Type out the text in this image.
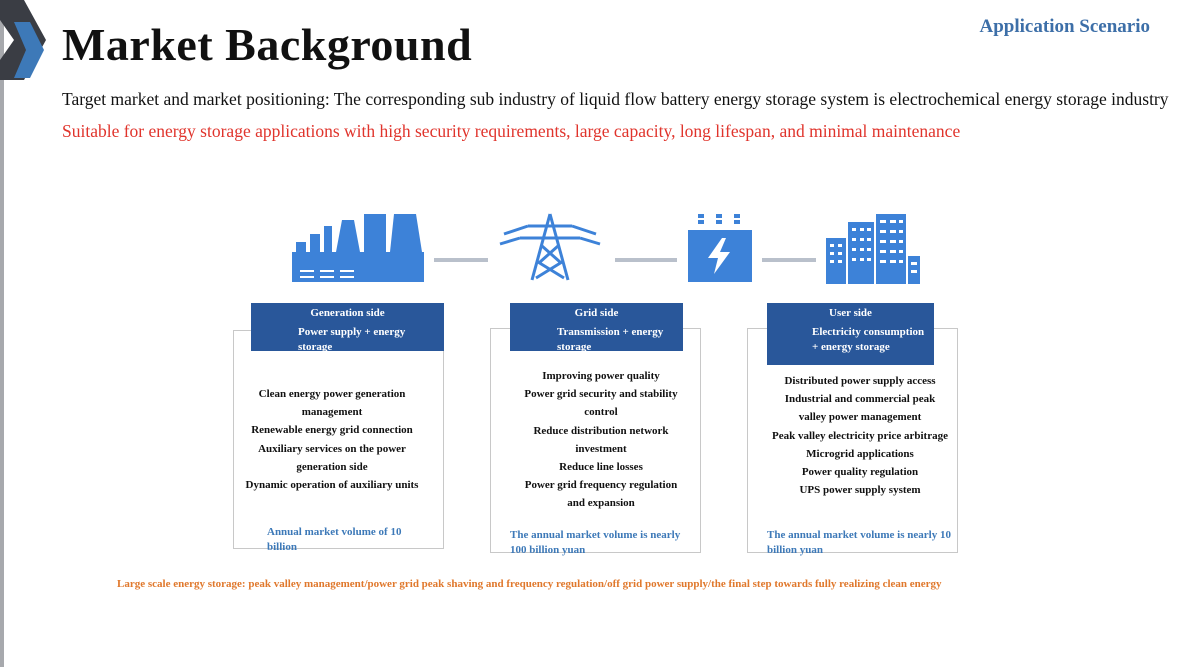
Market Background	Application Scenario
Target market and market positioning: The corresponding sub industry of liquid flow battery energy storage system is electrochemical energy storage industry
Suitable for energy storage applications with high security requirements, large capacity, long lifespan, and minimal maintenance
Generation side
Power supply + energy storage
Clean energy power generation management
Renewable energy grid connection
Auxiliary services on the power generation side
Dynamic operation of auxiliary units
Annual market volume of 10 billion
Grid side
Transmission + energy storage
Improving power quality
Power grid security and stability control
Reduce distribution network investment
Reduce line losses
Power grid frequency regulation and expansion
The annual market volume is nearly 100 billion yuan
User side
Electricity consumption + energy storage
Distributed power supply access
Industrial and commercial peak valley power management
Peak valley electricity price arbitrage
Microgrid applications
Power quality regulation
UPS power supply system
The annual market volume is nearly 10 billion yuan
Large scale energy storage: peak valley management/power grid peak shaving and frequency regulation/off grid power supply/the final step towards fully realizing clean energy
